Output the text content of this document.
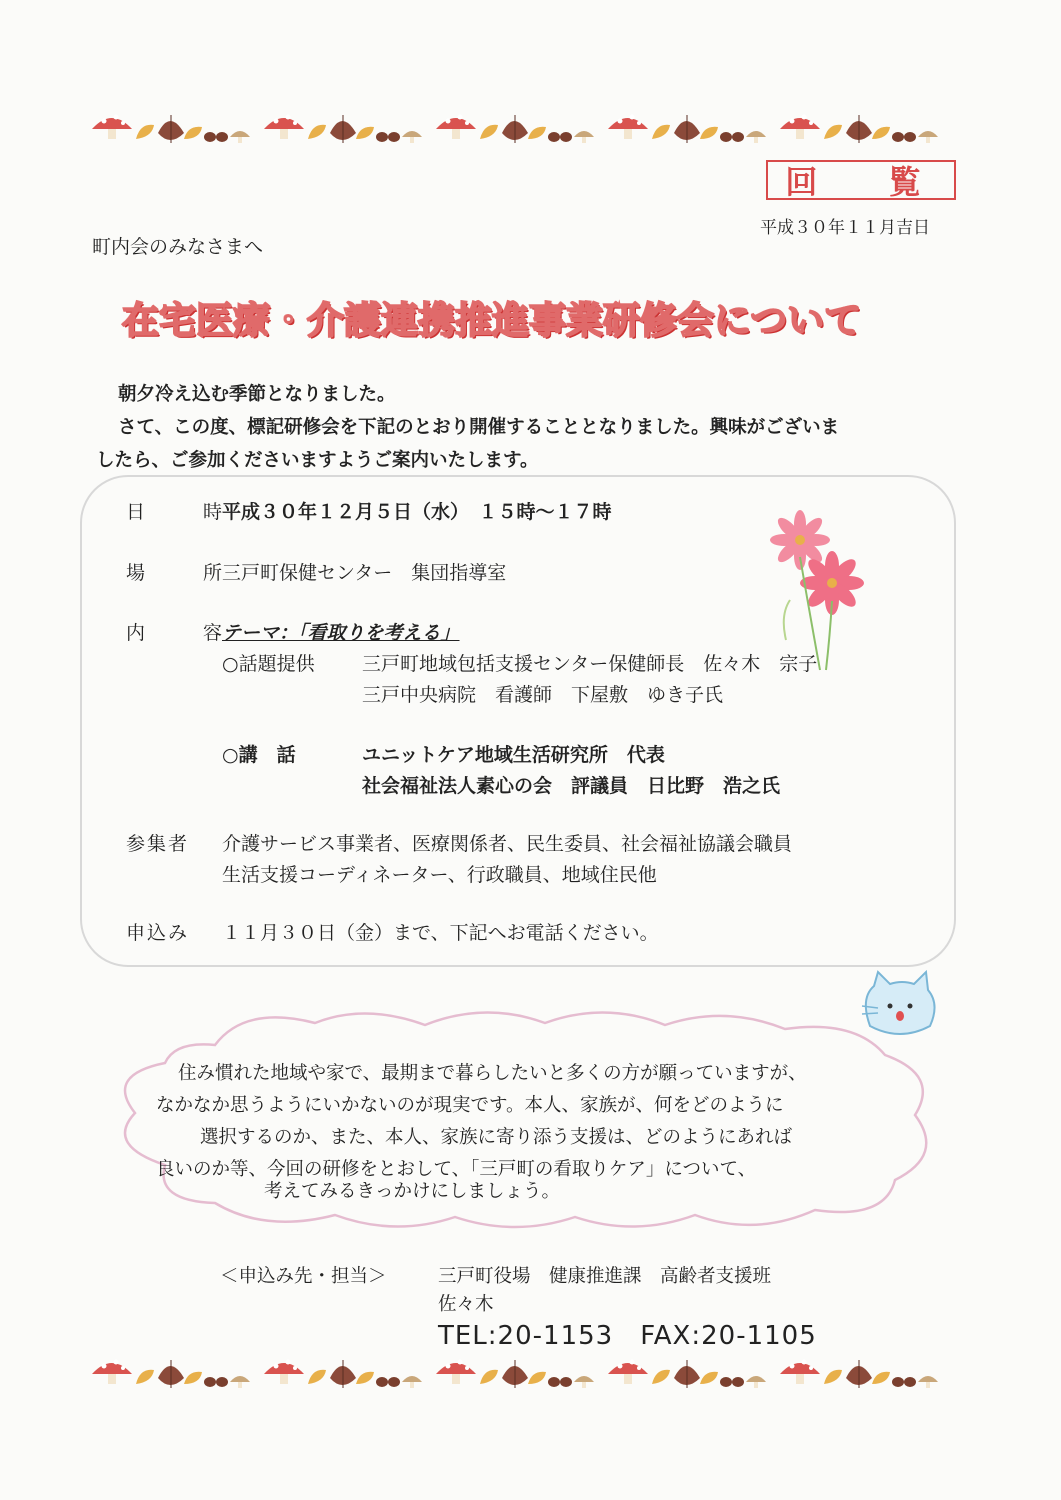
回 覧
平成３０年１１月吉日
町内会のみなさまへ
在宅医療・介護連携推進事業研修会について
朝夕冷え込む季節となりました。
さて、この度、標記研修会を下記のとおり開催することとなりました。興味がございま
したら、ご参加くださいますようご案内いたします。
日 時
平成３０年１２月５日（水）　１５時～１７時
場 所
三戸町保健センター　集団指導室
内 容
テーマ：「看取りを考える」
○話題提供 三戸町地域包括支援センター保健師長　佐々木　宗子
三戸中央病院　看護師　下屋敷　ゆき子氏
○講　話	ユニットケア地域生活研究所　代表
社会福祉法人素心の会　評議員　日比野　浩之氏
参集者 介護サービス事業者、医療関係者、民生委員、社会福祉協議会職員
生活支援コーディネーター、行政職員、地域住民他
申込み １１月３０日（金）まで、下記へお電話ください。
住み慣れた地域や家で、最期まで暮らしたいと多くの方が願っていますが、
なかなか思うようにいかないのが現実です。本人、家族が、何をどのように
選択するのか、また、本人、家族に寄り添う支援は、どのようにあれば
良いのか等、今回の研修をとおして、「三戸町の看取りケア」について、
考えてみるきっかけにしましょう。
＜申込み先・担当＞	三戸町役場　健康推進課　高齢者支援班
佐々木
TEL:20-1153　FAX:20-1105
